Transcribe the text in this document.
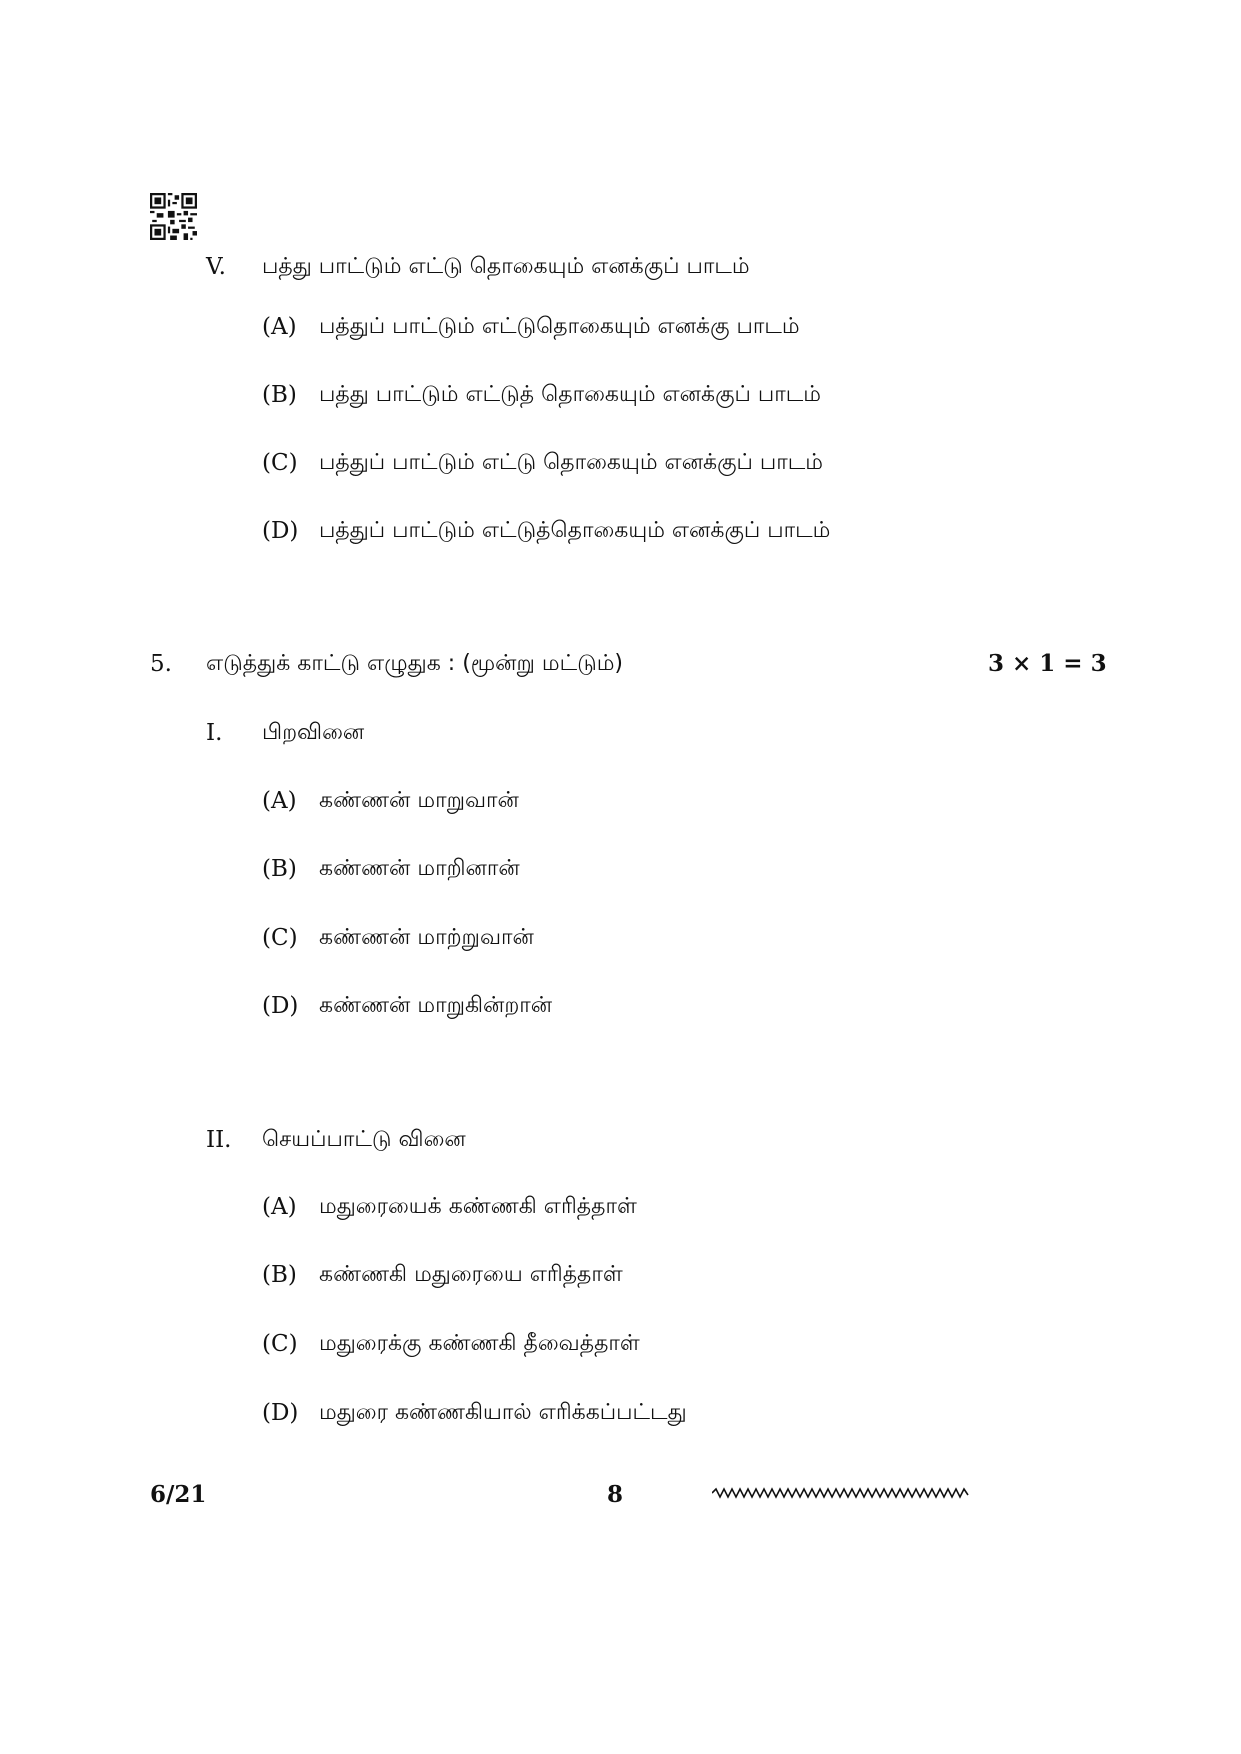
V. பத்து பாட்டும் எட்டு தொகையும் எனக்குப் பாடம்
(A) பத்துப் பாட்டும் எட்டுதொகையும் எனக்கு பாடம்
(B) பத்து பாட்டும் எட்டுத் தொகையும் எனக்குப் பாடம்
(C) பத்துப் பாட்டும் எட்டு தொகையும் எனக்குப் பாடம்
(D) பத்துப் பாட்டும் எட்டுத்தொகையும் எனக்குப் பாடம்
5. எடுத்துக் காட்டு எழுதுக : (மூன்று மட்டும்)	3 × 1 = 3
I. பிறவினை
(A) கண்ணன் மாறுவான்
(B) கண்ணன் மாறினான்
(C) கண்ணன் மாற்றுவான்
(D) கண்ணன் மாறுகின்றான்
II. செயப்பாட்டு வினை
(A) மதுரையைக் கண்ணகி எரித்தாள்
(B) கண்ணகி மதுரையை எரித்தாள்
(C) மதுரைக்கு கண்ணகி தீவைத்தாள்
(D) மதுரை கண்ணகியால் எரிக்கப்பட்டது
6/21	8
